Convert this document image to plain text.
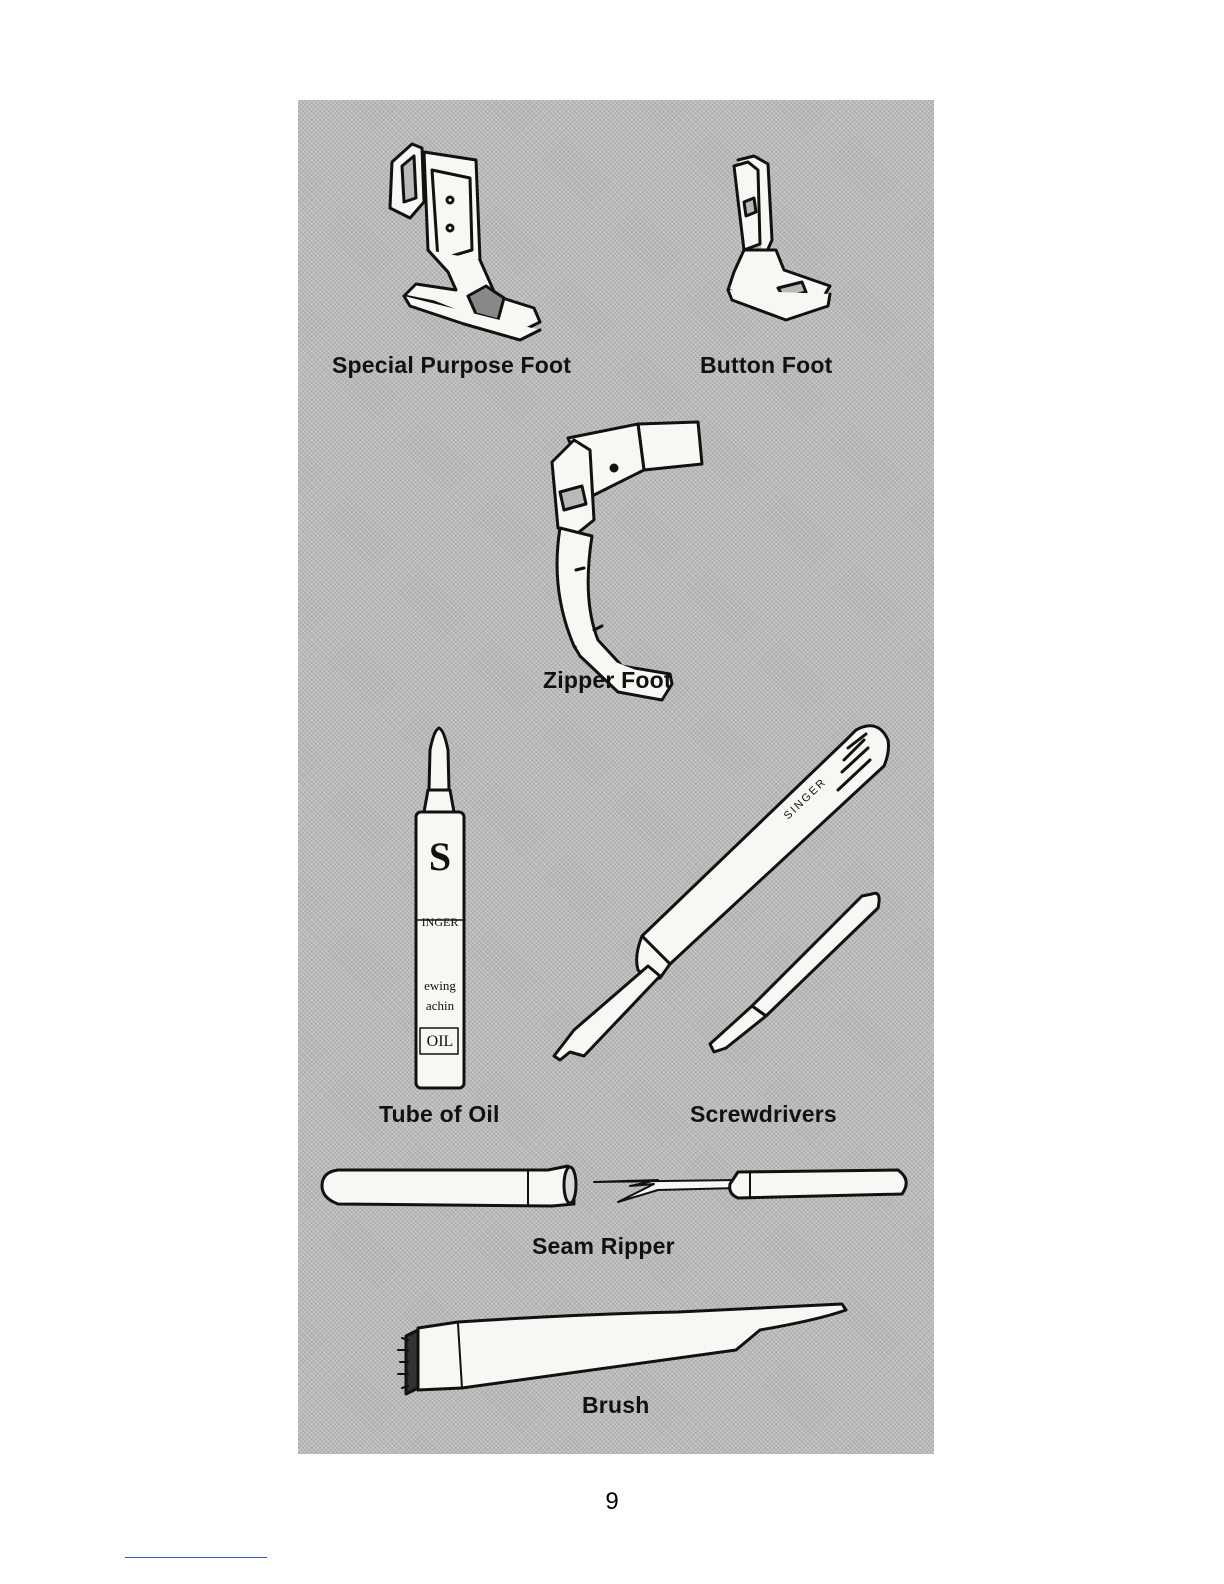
S
INGER
ewing
achin
OIL
SINGER
Special Purpose Foot	Button Foot
Zipper Foot
Tube of Oil	Screwdrivers
Seam Ripper
Brush
9
